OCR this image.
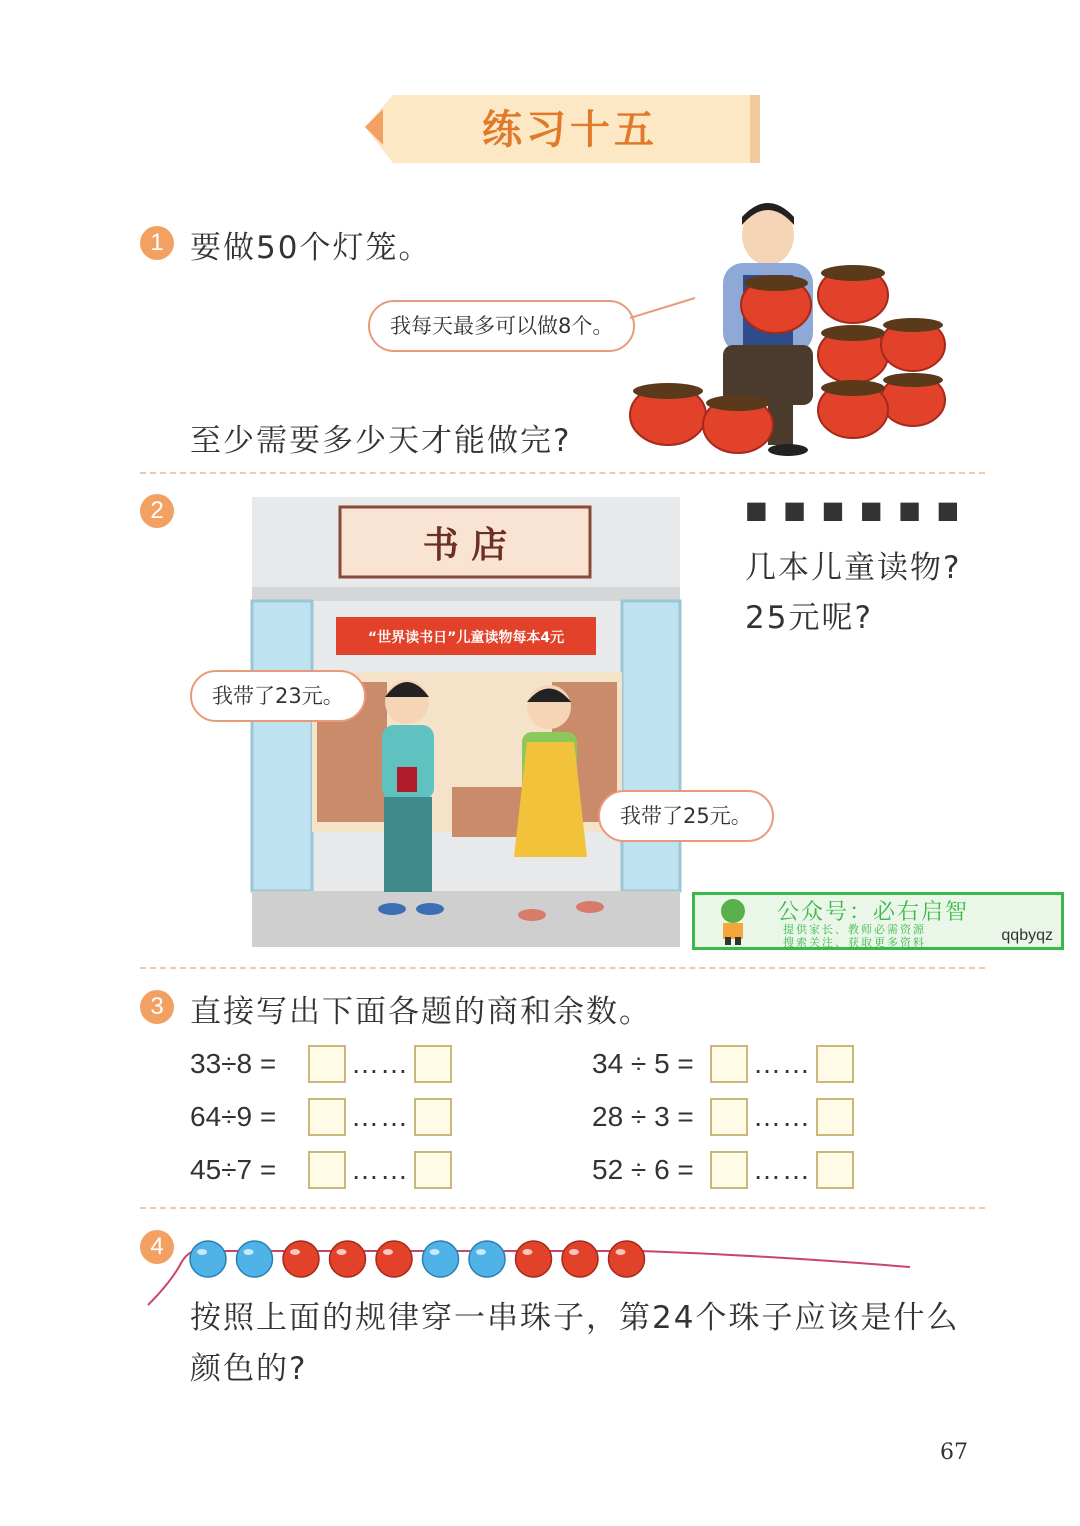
练习十五
1 要做50个灯笼。
我每天最多可以做8个。
至少需要多少天才能做完?
2
书 店
“世界读书日”儿童读物每本4元
我带了23元。
我带了25元。
■ ■ ■ ■ ■ ■
几本儿童读物?
25元呢?
公众号：必右启智
提供家长、教师必需资源
搜索关注、获取更多资料	qqbyqz
3 直接写出下面各题的商和余数。
33÷8 =	……
64÷9 =	……
45÷7 =	……
34 ÷ 5 =	……
28 ÷ 3 =	……
52 ÷ 6 =	……
4
按照上面的规律穿一串珠子，第24个珠子应该是什么
颜色的?
67
